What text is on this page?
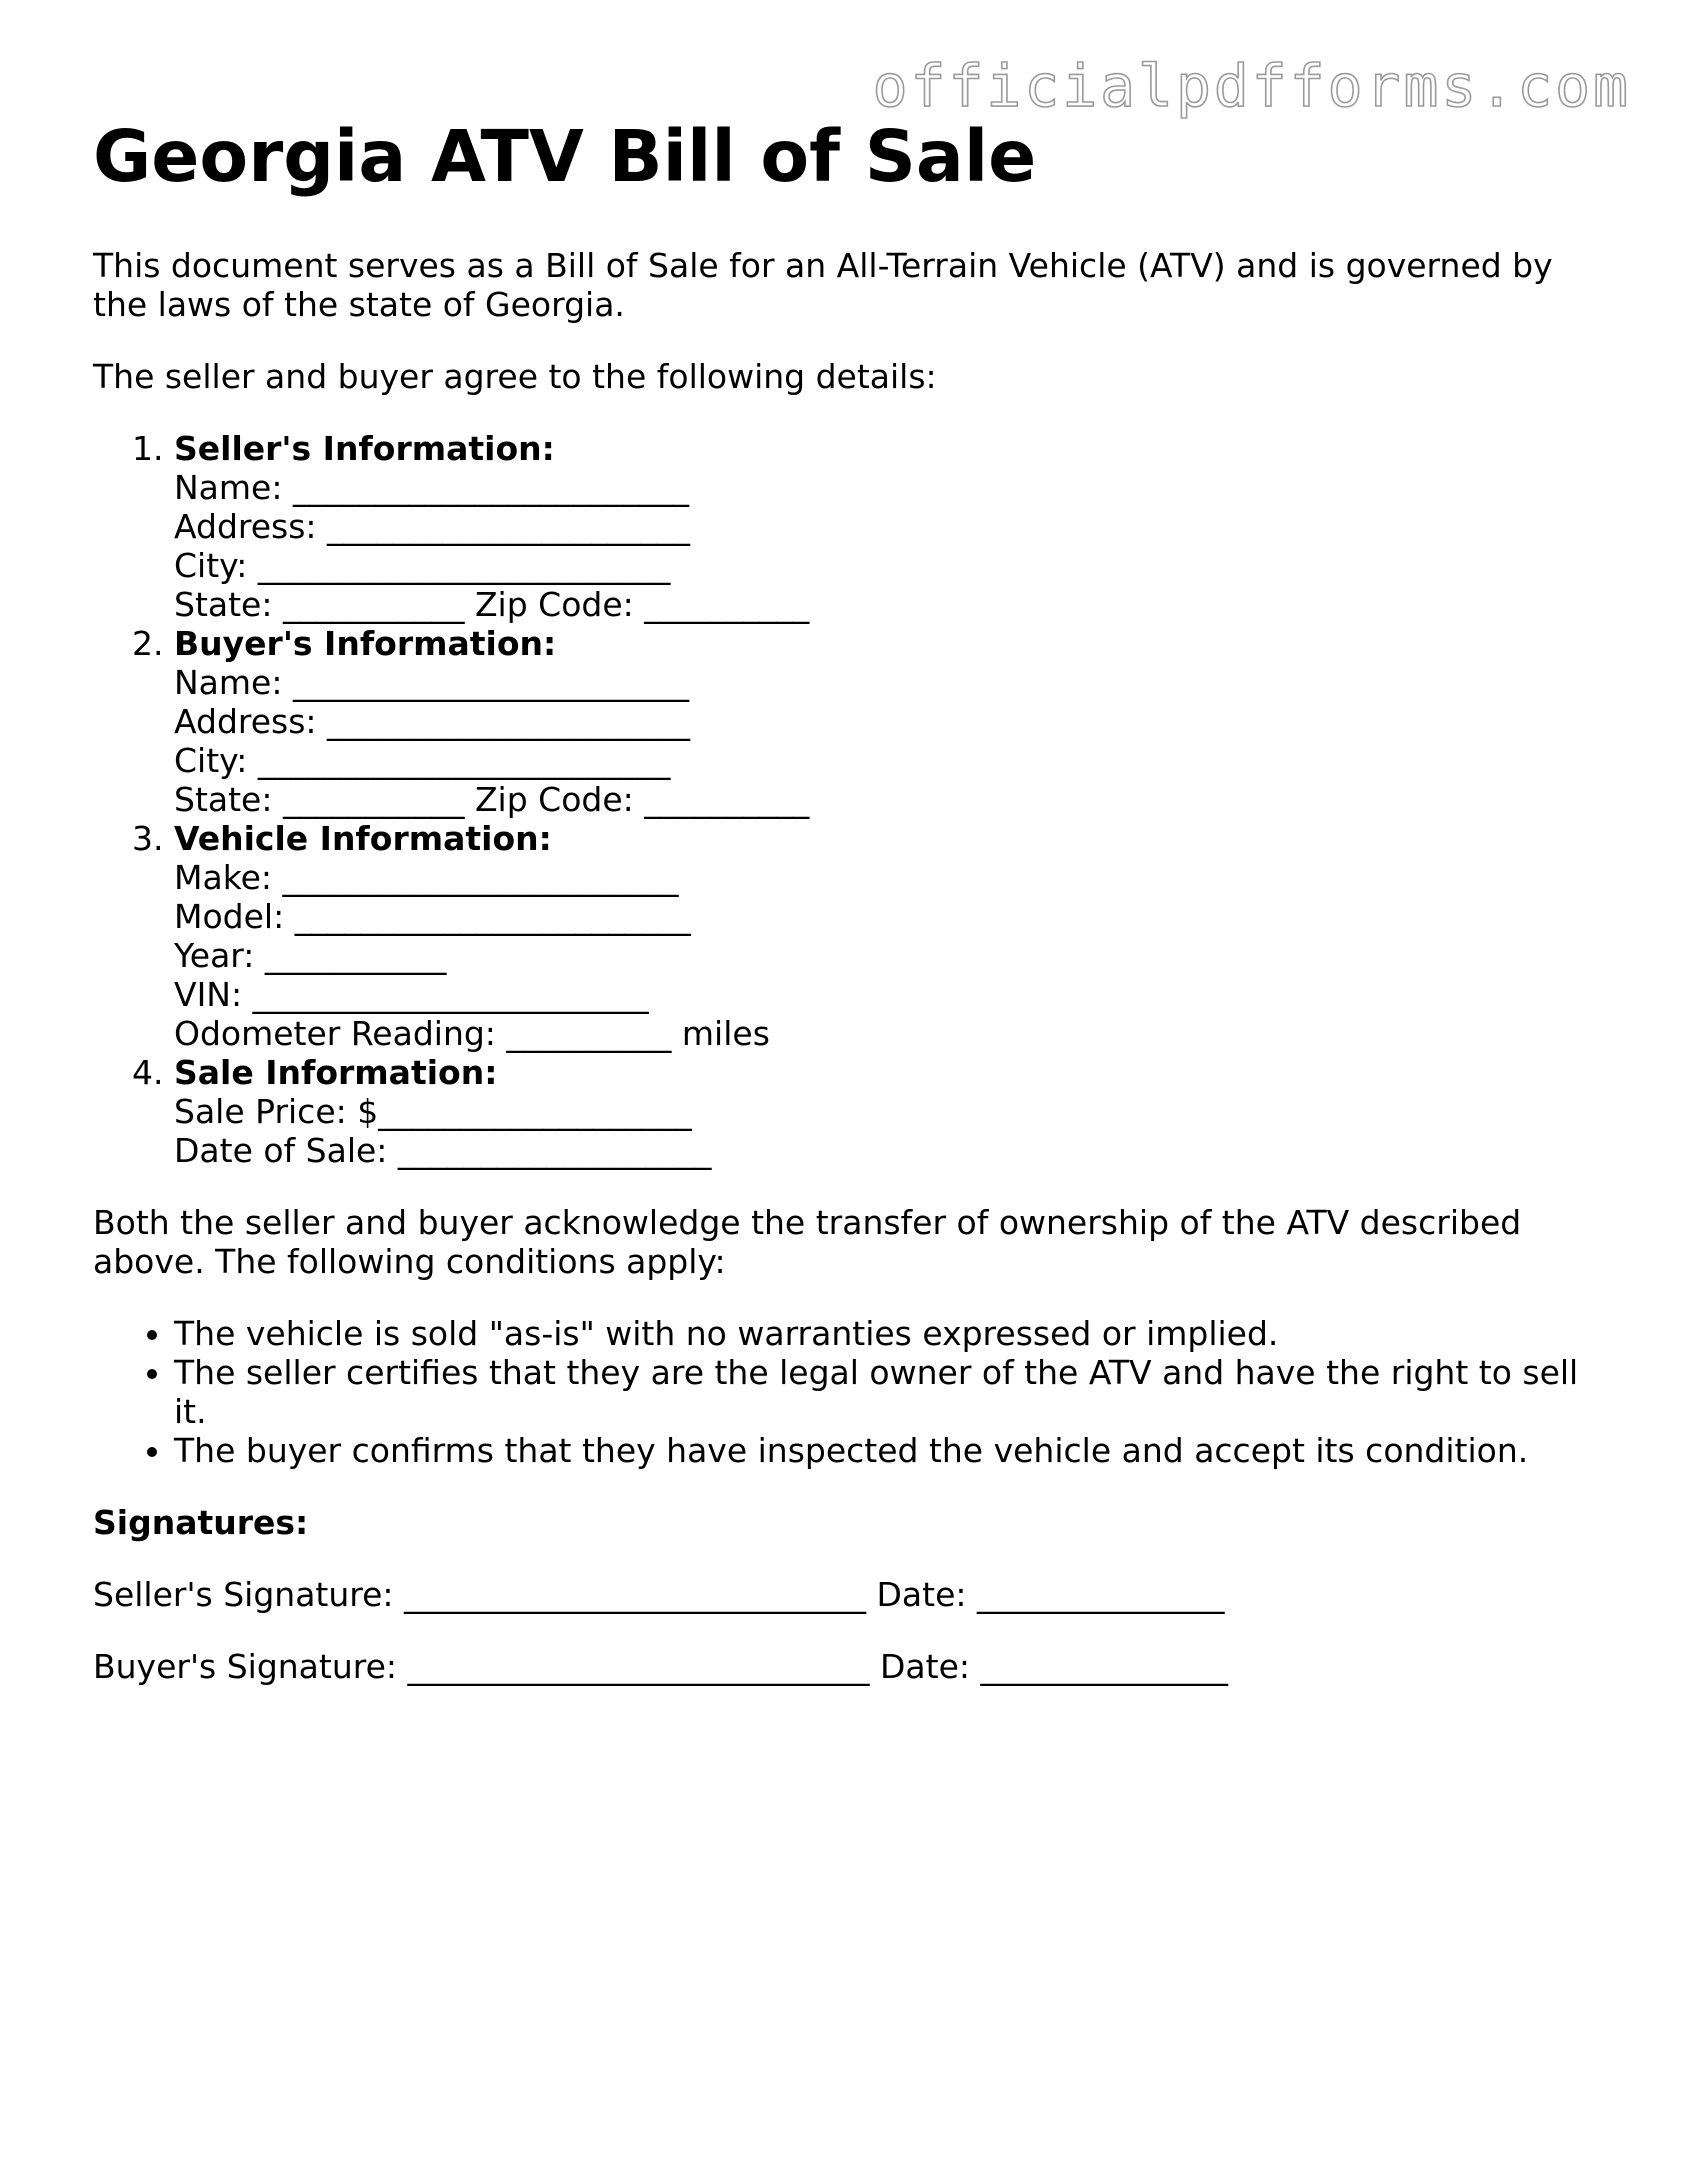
officialpdfforms.com
Georgia ATV Bill of Sale

This document serves as a Bill of Sale for an All-Terrain Vehicle (ATV) and is governed by the laws of the state of Georgia.

The seller and buyer agree to the following details:

1. Seller's Information:
Name: ________________________
Address: ______________________
City: _________________________
State: ___________ Zip Code: __________
2. Buyer's Information:
Name: ________________________
Address: ______________________
City: _________________________
State: ___________ Zip Code: __________
3. Vehicle Information:
Make: ________________________
Model: ________________________
Year: ___________
VIN: ________________________
Odometer Reading: __________ miles
4. Sale Information:
Sale Price: $___________________
Date of Sale: ___________________

Both the seller and buyer acknowledge the transfer of ownership of the ATV described above. The following conditions apply:

• The vehicle is sold "as-is" with no warranties expressed or implied.
• The seller certifies that they are the legal owner of the ATV and have the right to sell it.
• The buyer confirms that they have inspected the vehicle and accept its condition.

Signatures:

Seller's Signature: ____________________________ Date: _______________

Buyer's Signature: ____________________________ Date: _______________
